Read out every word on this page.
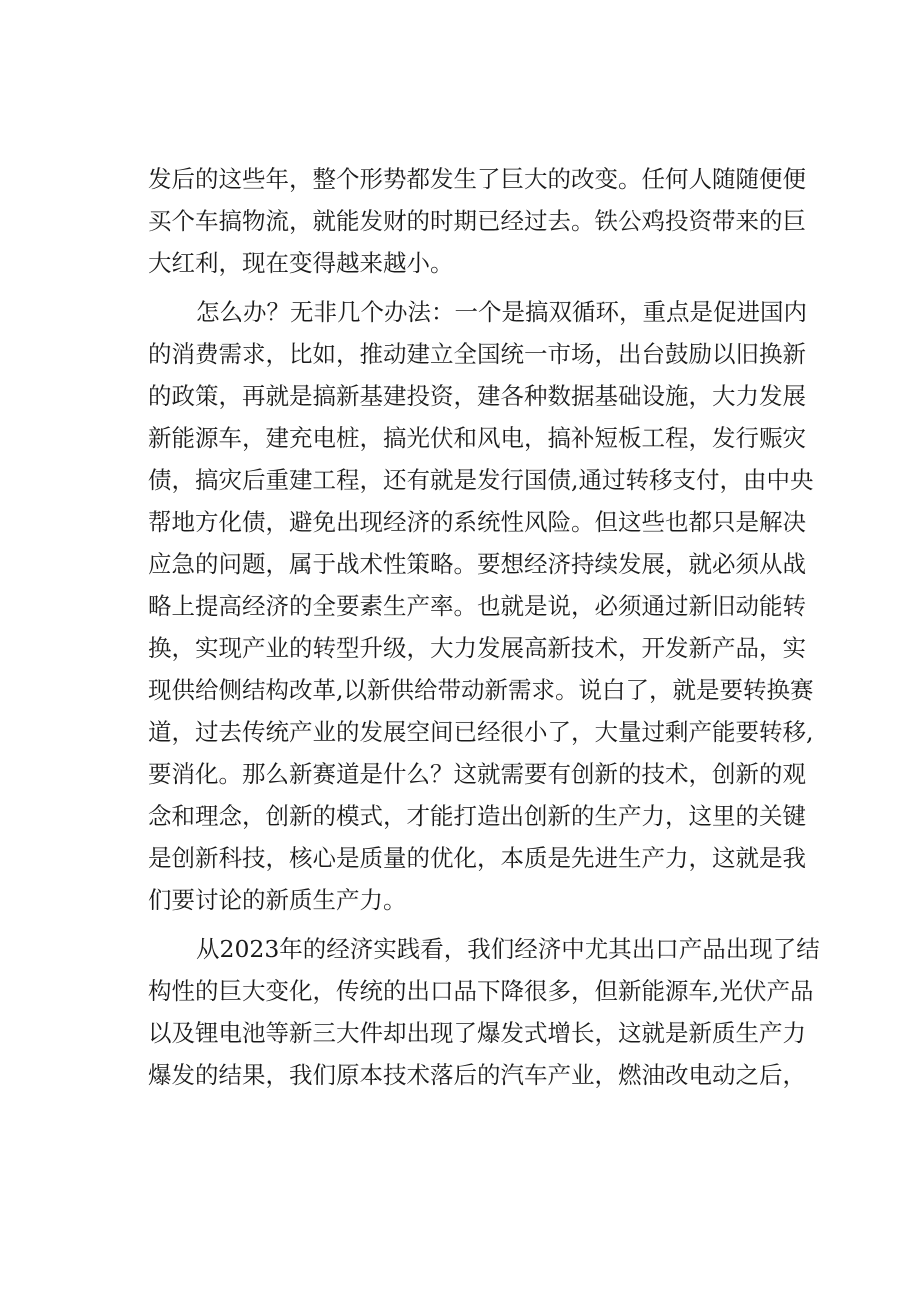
发后的这些年，整个形势都发生了巨大的改变。任何人随随便便
买个车搞物流，就能发财的时期已经过去。铁公鸡投资带来的巨
大红利，现在变得越来越小。
怎么办？无非几个办法：一个是搞双循环，重点是促进国内
的消费需求，比如，推动建立全国统一市场，出台鼓励以旧换新
的政策，再就是搞新基建投资，建各种数据基础设施，大力发展
新能源车，建充电桩，搞光伏和风电，搞补短板工程，发行赈灾
债，搞灾后重建工程，还有就是发行国债,通过转移支付，由中央
帮地方化债，避免出现经济的系统性风险。但这些也都只是解决
应急的问题，属于战术性策略。要想经济持续发展，就必须从战
略上提高经济的全要素生产率。也就是说，必须通过新旧动能转
换，实现产业的转型升级，大力发展高新技术，开发新产品，实
现供给侧结构改革,以新供给带动新需求。说白了，就是要转换赛
道，过去传统产业的发展空间已经很小了，大量过剩产能要转移,
要消化。那么新赛道是什么？这就需要有创新的技术，创新的观
念和理念，创新的模式，才能打造出创新的生产力，这里的关键
是创新科技，核心是质量的优化，本质是先进生产力，这就是我
们要讨论的新质生产力。
从2023年的经济实践看，我们经济中尤其出口产品出现了结
构性的巨大变化，传统的出口品下降很多，但新能源车,光伏产品
以及锂电池等新三大件却出现了爆发式增长，这就是新质生产力
爆发的结果，我们原本技术落后的汽车产业，燃油改电动之后，
